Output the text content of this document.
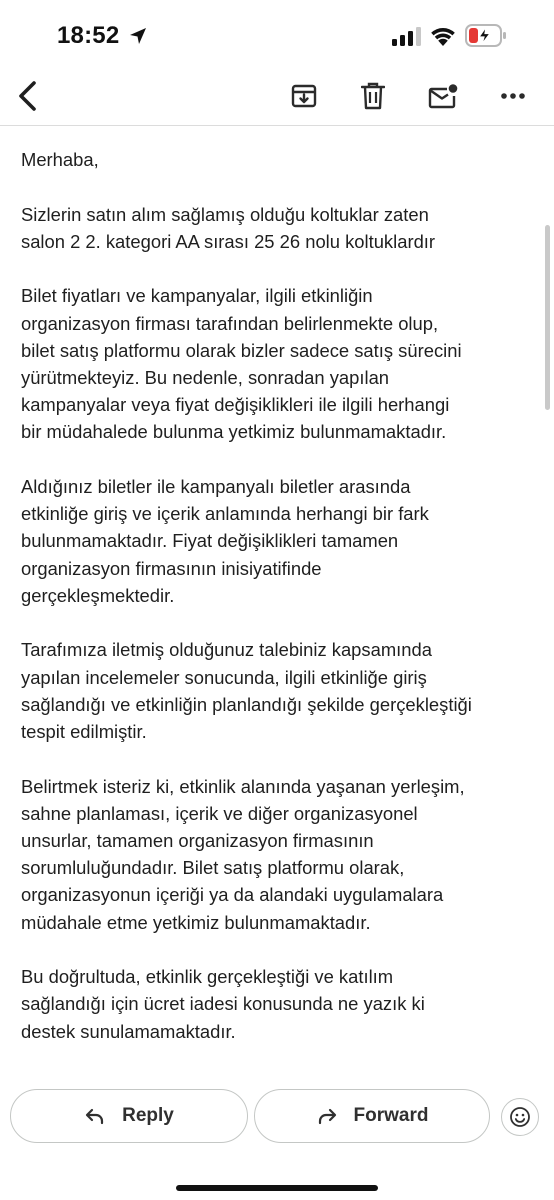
18:52

Merhaba,

Sizlerin satın alım sağlamış olduğu koltuklar zaten
salon 2 2. kategori AA sırası 25 26 nolu koltuklardır

Bilet fiyatları ve kampanyalar, ilgili etkinliğin
organizasyon firması tarafından belirlenmekte olup,
bilet satış platformu olarak bizler sadece satış sürecini
yürütmekteyiz. Bu nedenle, sonradan yapılan
kampanyalar veya fiyat değişiklikleri ile ilgili herhangi
bir müdahalede bulunma yetkimiz bulunmamaktadır.

Aldığınız biletler ile kampanyalı biletler arasında
etkinliğe giriş ve içerik anlamında herhangi bir fark
bulunmamaktadır. Fiyat değişiklikleri tamamen
organizasyon firmasının inisiyatifinde
gerçekleşmektedir.

Tarafımıza iletmiş olduğunuz talebiniz kapsamında
yapılan incelemeler sonucunda, ilgili etkinliğe giriş
sağlandığı ve etkinliğin planlandığı şekilde gerçekleştiği
tespit edilmiştir.

Belirtmek isteriz ki, etkinlik alanında yaşanan yerleşim,
sahne planlaması, içerik ve diğer organizasyonel
unsurlar, tamamen organizasyon firmasının
sorumluluğundadır. Bilet satış platformu olarak,
organizasyonun içeriği ya da alandaki uygulamalara
müdahale etme yetkimiz bulunmamaktadır.

Bu doğrultuda, etkinlik gerçekleştiği ve katılım
sağlandığı için ücret iadesi konusunda ne yazık ki
destek sunulamamaktadır.

Reply	Forward
